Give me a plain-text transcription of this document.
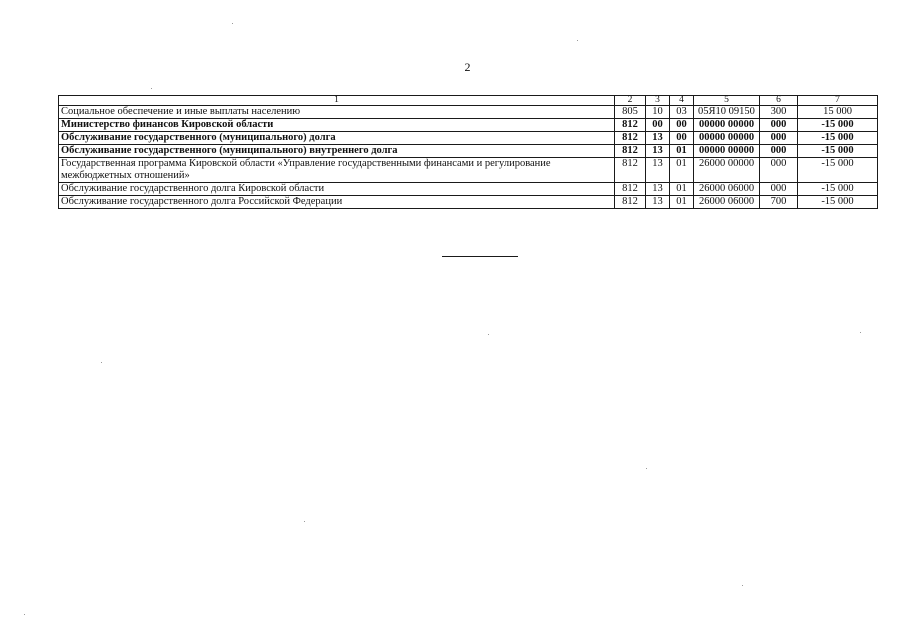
2
1	2	3	4	5	6	7
Социальное обеспечение и иные выплаты населению	805	10	03	05Я10 09150	300	15 000
Министерство финансов Кировской области	812	00	00	00000 00000	000	-15 000
Обслуживание государственного (муниципального) долга	812	13	00	00000 00000	000	-15 000
Обслуживание государственного (муниципального) внутреннего долга	812	13	01	00000 00000	000	-15 000
Государственная программа Кировской области «Управление государственными финансами и регулирование межбюджетных отношений»	812	13	01	26000 00000	000	-15 000
Обслуживание государственного долга Кировской области	812	13	01	26000 06000	000	-15 000
Обслуживание государственного долга Российской Федерации	812	13	01	26000 06000	700	-15 000
